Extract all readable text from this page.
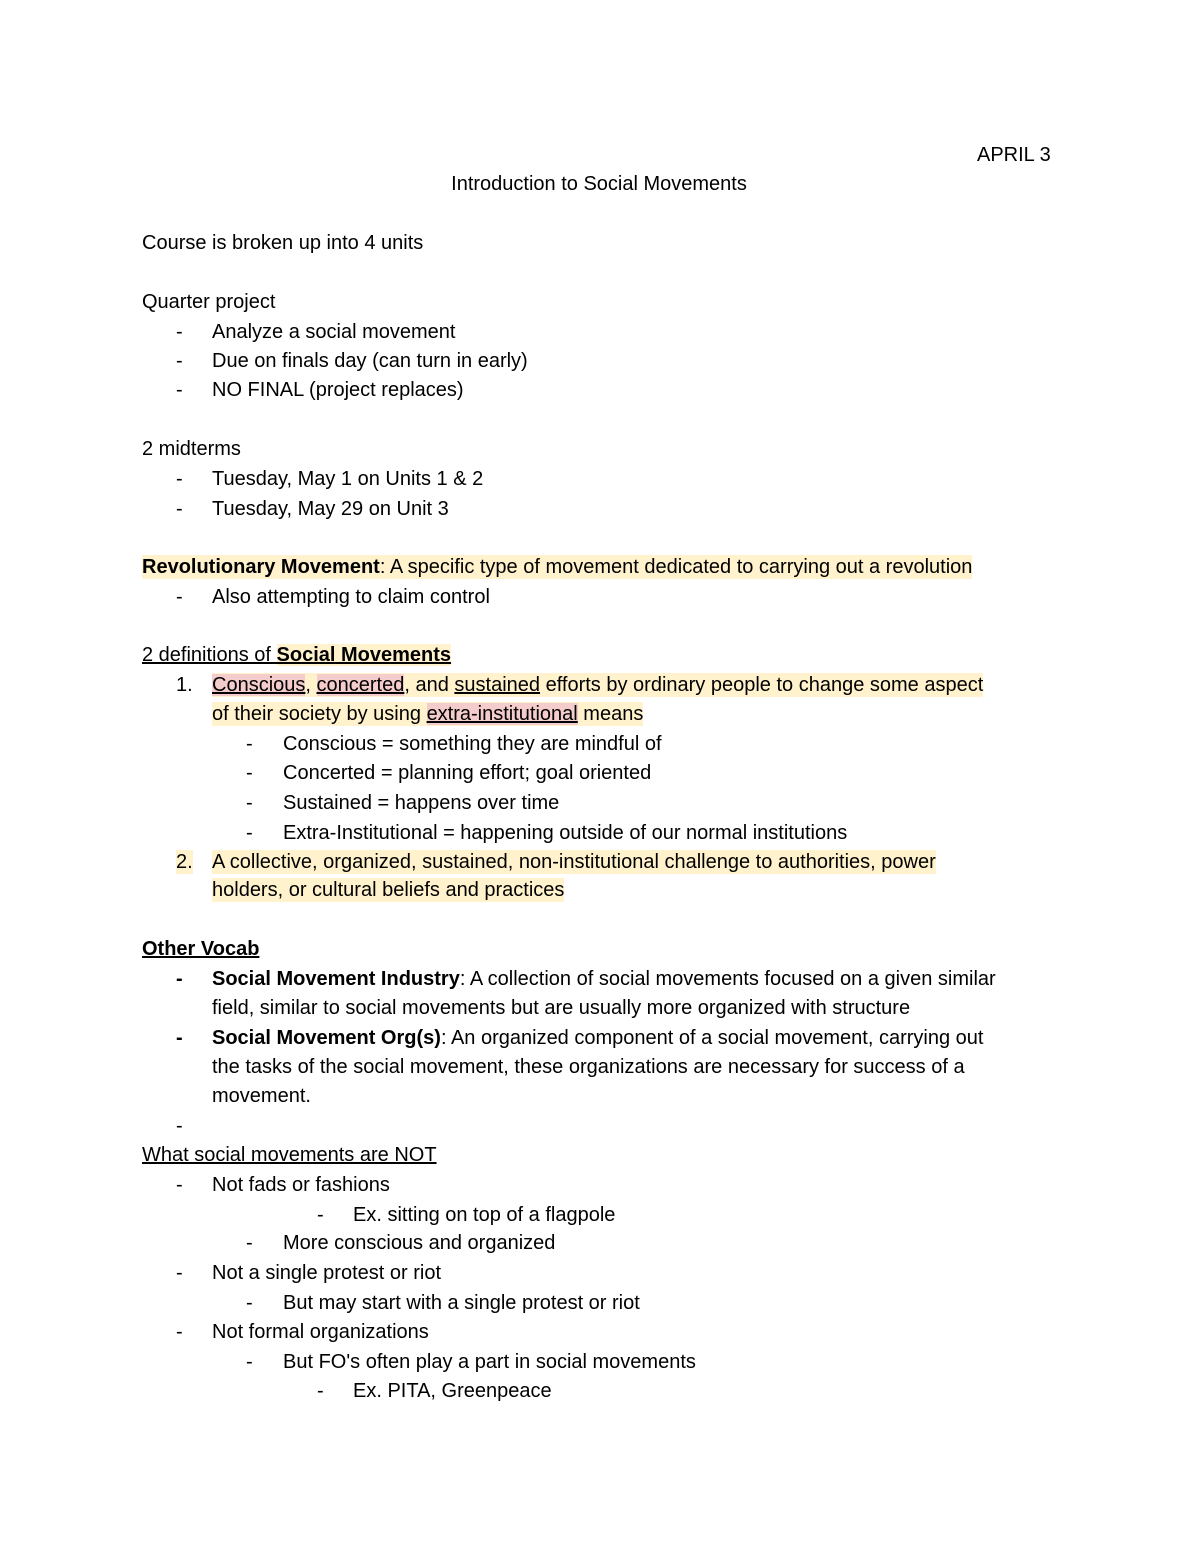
APRIL 3
Introduction to Social Movements
Course is broken up into 4 units
Quarter project
- Analyze a social movement
- Due on finals day (can turn in early)
- NO FINAL (project replaces)
2 midterms
- Tuesday, May 1 on Units 1 & 2
- Tuesday, May 29 on Unit 3
Revolutionary Movement: A specific type of movement dedicated to carrying out a revolution
- Also attempting to claim control
2 definitions of Social Movements
1. Conscious, concerted, and sustained efforts by ordinary people to change some aspect
of their society by using extra-institutional means
- Conscious = something they are mindful of
- Concerted = planning effort; goal oriented
- Sustained = happens over time
- Extra-Institutional = happening outside of our normal institutions
2. A collective, organized, sustained, non-institutional challenge to authorities, power
holders, or cultural beliefs and practices
Other Vocab
- Social Movement Industry: A collection of social movements focused on a given similar
field, similar to social movements but are usually more organized with structure
- Social Movement Org(s): An organized component of a social movement, carrying out
the tasks of the social movement, these organizations are necessary for success of a
movement.
-
What social movements are NOT
- Not fads or fashions
- Ex. sitting on top of a flagpole
- More conscious and organized
- Not a single protest or riot
- But may start with a single protest or riot
- Not formal organizations
- But FO's often play a part in social movements
- Ex. PITA, Greenpeace
